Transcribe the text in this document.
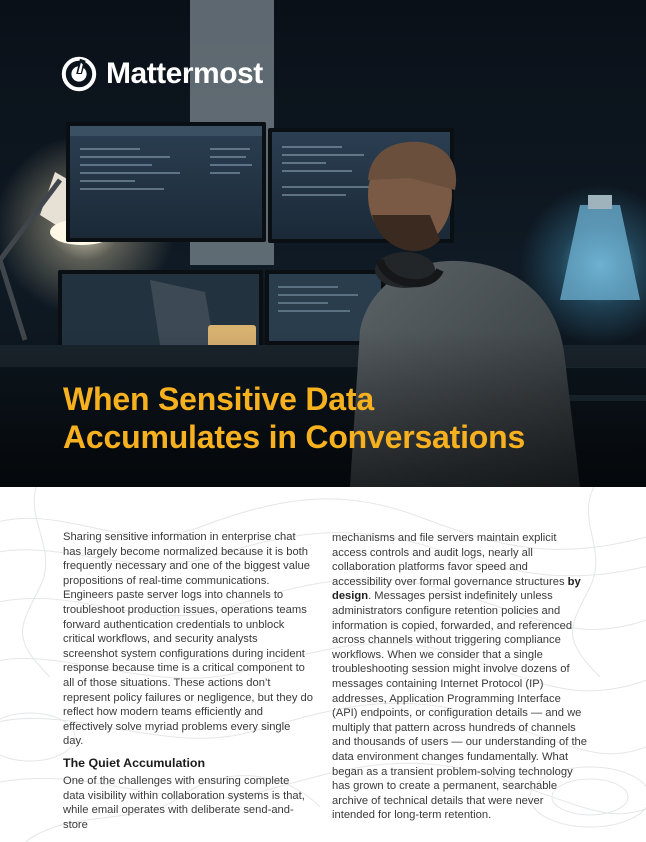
Mattermost
When Sensitive Data
Accumulates in Conversations

Sharing sensitive information in enterprise chat has largely become normalized because it is both frequently necessary and one of the biggest value propositions of real-time communications. Engineers paste server logs into channels to troubleshoot production issues, operations teams forward authentication credentials to unblock critical workflows, and security analysts screenshot system configurations during incident response because time is a critical component to all of those situations. These actions don’t represent policy failures or negligence, but they do reflect how modern teams efficiently and effectively solve myriad problems every single day.

The Quiet Accumulation

One of the challenges with ensuring complete data visibility within collaboration systems is that, while email operates with deliberate send-and-store

mechanisms and file servers maintain explicit access controls and audit logs, nearly all collaboration platforms favor speed and accessibility over formal governance structures by design. Messages persist indefinitely unless administrators configure retention policies and information is copied, forwarded, and referenced across channels without triggering compliance workflows. When we consider that a single troubleshooting session might involve dozens of messages containing Internet Protocol (IP) addresses, Application Programming Interface (API) endpoints, or configuration details — and we multiply that pattern across hundreds of channels and thousands of users — our understanding of the data environment changes fundamentally. What began as a transient problem-solving technology has grown to create a permanent, searchable archive of technical details that were never intended for long-term retention.
